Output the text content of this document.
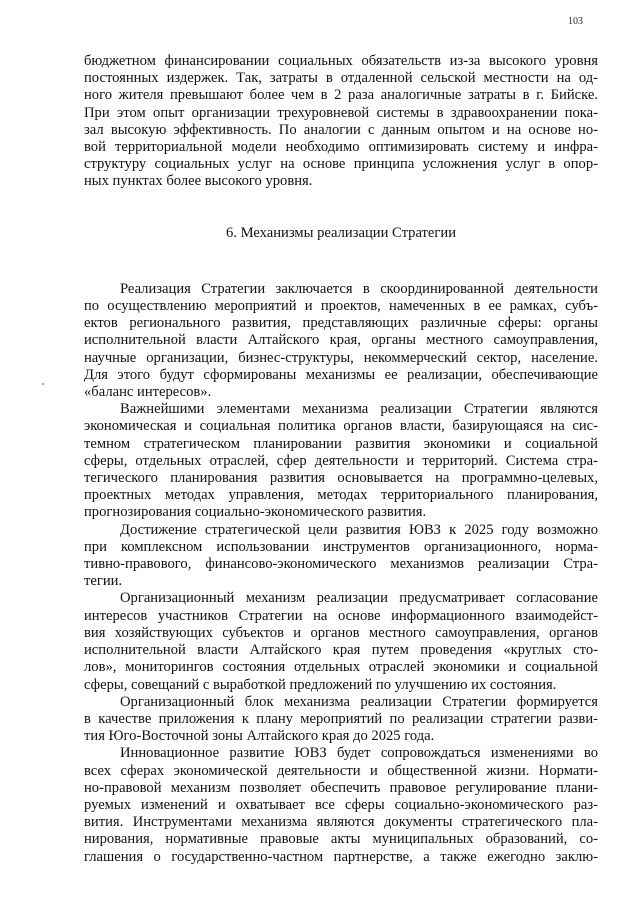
103
бюджетном финансировании социальных обязательств из-за высокого уровня
постоянных издержек. Так, затраты в отдаленной сельской местности на од-
ного жителя превышают более чем в 2 раза аналогичные затраты в г. Бийске.
При этом опыт организации трехуровневой системы в здравоохранении пока-
зал высокую эффективность. По аналогии с данным опытом и на основе но-
вой территориальной модели необходимо оптимизировать систему и инфра-
структуру социальных услуг на основе принципа усложнения услуг в опор-
ных пунктах более высокого уровня.
6. Механизмы реализации Стратегии
Реализация Стратегии заключается в скоординированной деятельности
по осуществлению мероприятий и проектов, намеченных в ее рамках, субъ-
ектов регионального развития, представляющих различные сферы: органы
исполнительной власти Алтайского края, органы местного самоуправления,
научные организации, бизнес-структуры, некоммерческий сектор, население.
Для этого будут сформированы механизмы ее реализации, обеспечивающие
«баланс интересов».
Важнейшими элементами механизма реализации Стратегии являются
экономическая и социальная политика органов власти, базирующаяся на сис-
темном стратегическом планировании развития экономики и социальной
сферы, отдельных отраслей, сфер деятельности и территорий. Система стра-
тегического планирования развития основывается на программно-целевых,
проектных методах управления, методах территориального планирования,
прогнозирования социально-экономического развития.
Достижение стратегической цели развития ЮВЗ к 2025 году возможно
при комплексном использовании инструментов организационного, норма-
тивно-правового, финансово-экономического механизмов реализации Стра-
тегии.
Организационный механизм реализации предусматривает согласование
интересов участников Стратегии на основе информационного взаимодейст-
вия хозяйствующих субъектов и органов местного самоуправления, органов
исполнительной власти Алтайского края путем проведения «круглых сто-
лов», мониторингов состояния отдельных отраслей экономики и социальной
сферы, совещаний с выработкой предложений по улучшению их состояния.
Организационный блок механизма реализации Стратегии формируется
в качестве приложения к плану мероприятий по реализации стратегии разви-
тия Юго-Восточной зоны Алтайского края до 2025 года.
Инновационное развитие ЮВЗ будет сопровождаться изменениями во
всех сферах экономической деятельности и общественной жизни. Нормати-
но-правовой механизм позволяет обеспечить правовое регулирование плани-
руемых изменений и охватывает все сферы социально-экономического раз-
вития. Инструментами механизма являются документы стратегического пла-
нирования, нормативные правовые акты муниципальных образований, со-
глашения о государственно-частном партнерстве, а также ежегодно заклю-
